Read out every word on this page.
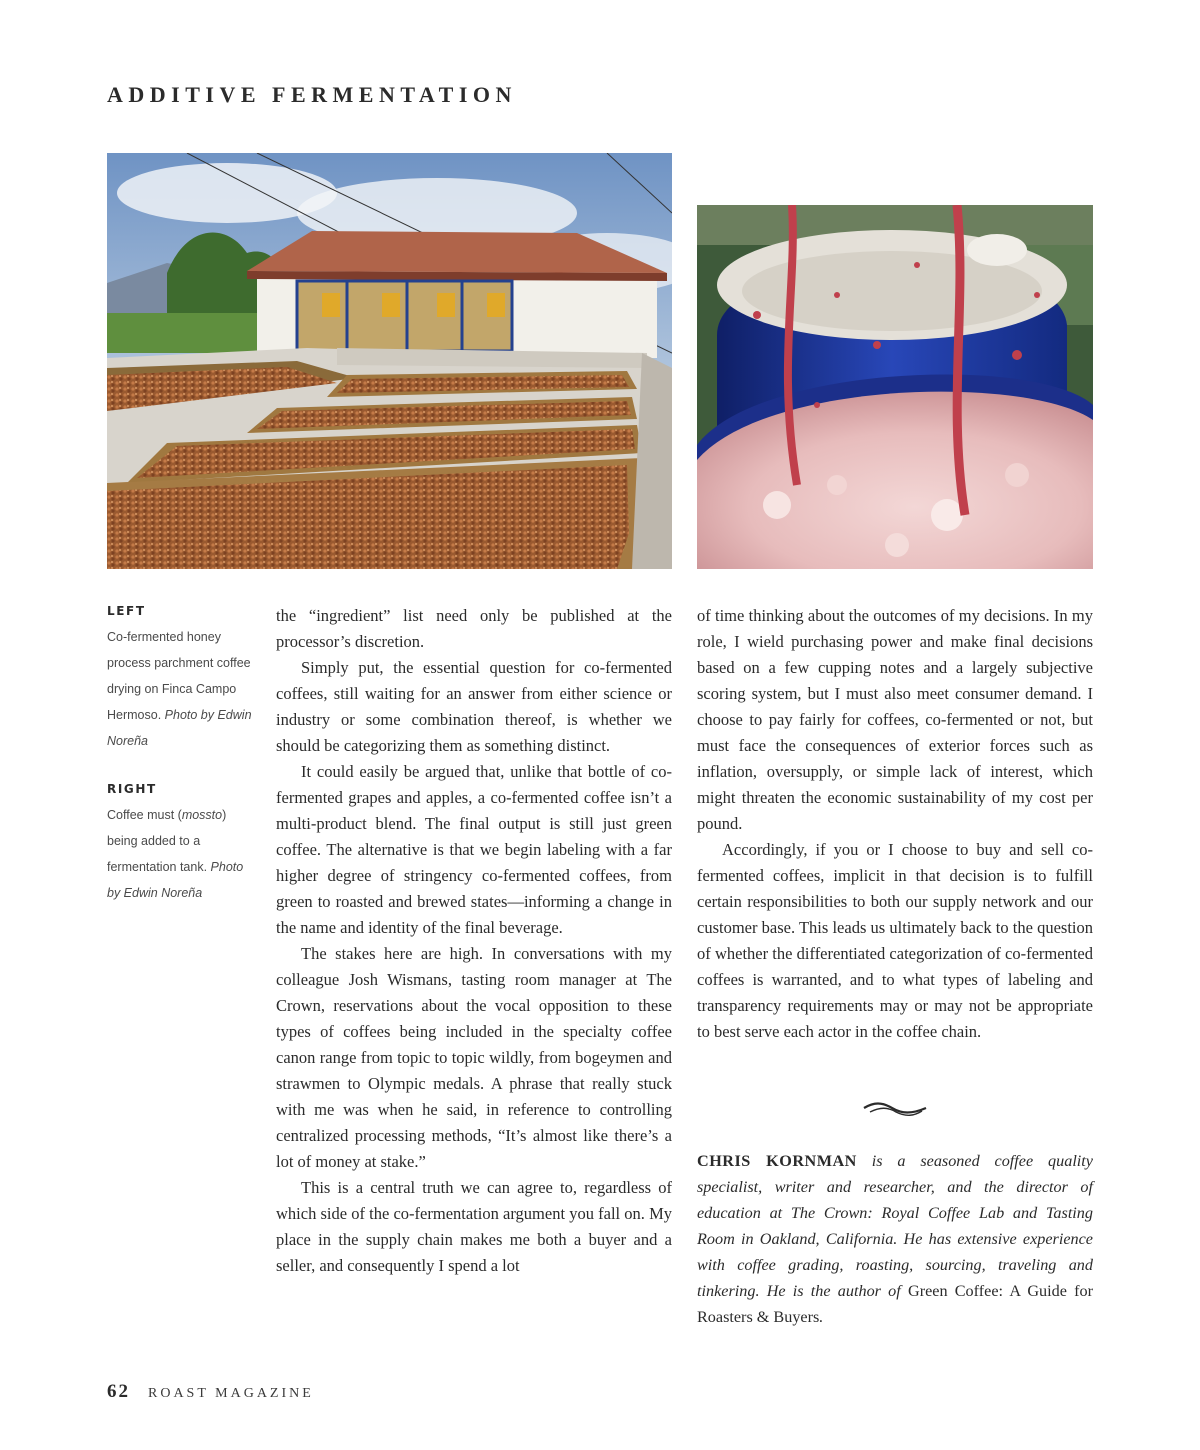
ADDITIVE FERMENTATION
LEFT
Co-fermented honey process parchment coffee drying on Finca Campo Hermoso. Photo by Edwin Noreña
RIGHT
Coffee must (mossto) being added to a fermentation tank. Photo by Edwin Noreña

the “ingredient” list need only be published at the processor’s discretion.

Simply put, the essential question for co-fermented coffees, still waiting for an answer from either science or industry or some combination thereof, is whether we should be categorizing them as something distinct.

It could easily be argued that, unlike that bottle of co-fermented grapes and apples, a co-fermented coffee isn’t a multi-product blend. The final output is still just green coffee. The alternative is that we begin labeling with a far higher degree of stringency co-fermented coffees, from green to roasted and brewed states—informing a change in the name and identity of the final beverage.

The stakes here are high. In conversations with my colleague Josh Wismans, tasting room manager at The Crown, reservations about the vocal opposition to these types of coffees being included in the specialty coffee canon range from topic to topic wildly, from bogeymen and strawmen to Olympic medals. A phrase that really stuck with me was when he said, in reference to controlling centralized processing methods, “It’s almost like there’s a lot of money at stake.”

This is a central truth we can agree to, regardless of which side of the co-fermentation argument you fall on. My place in the supply chain makes me both a buyer and a seller, and consequently I spend a lot

of time thinking about the outcomes of my decisions. In my role, I wield purchasing power and make final decisions based on a few cupping notes and a largely subjective scoring system, but I must also meet consumer demand. I choose to pay fairly for coffees, co-fermented or not, but must face the consequences of exterior forces such as inflation, oversupply, or simple lack of interest, which might threaten the economic sustainability of my cost per pound.

Accordingly, if you or I choose to buy and sell co-fermented coffees, implicit in that decision is to fulfill certain responsibilities to both our supply network and our customer base. This leads us ultimately back to the question of whether the differentiated categorization of co-fermented coffees is warranted, and to what types of labeling and transparency requirements may or may not be appropriate to best serve each actor in the coffee chain.

CHRIS KORNMAN is a seasoned coffee quality specialist, writer and researcher, and the director of education at The Crown: Royal Coffee Lab and Tasting Room in Oakland, California. He has extensive experience with coffee grading, roasting, sourcing, traveling and tinkering. He is the author of Green Coffee: A Guide for Roasters & Buyers.
62 ROAST MAGAZINE
